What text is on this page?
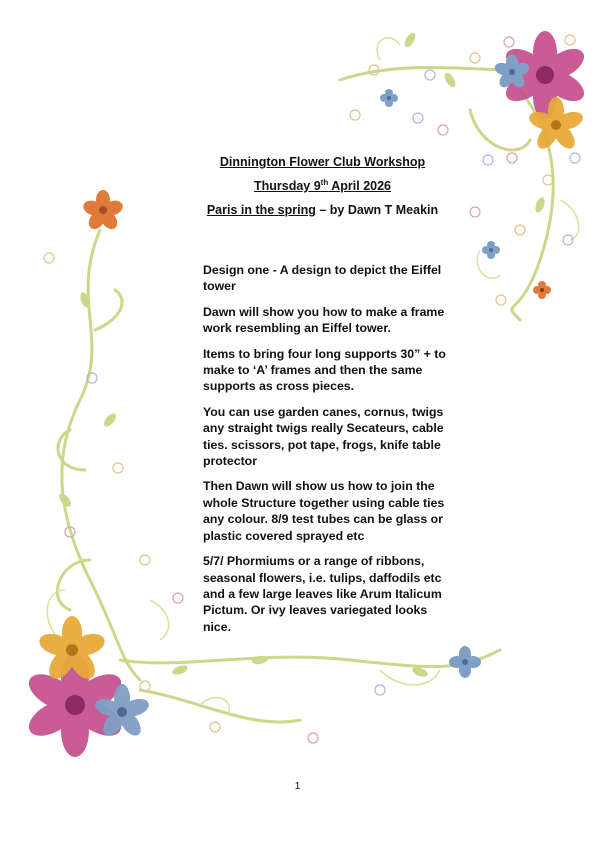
Dinnington Flower Club Workshop
Thursday 9th April 2026
Paris in the spring – by Dawn T Meakin

Design one - A design to depict the Eiffel tower

Dawn will show you how to make a frame work resembling an Eiffel tower.

Items to bring four long supports 30” + to make to ‘A’ frames and then the same supports as cross pieces.

You can use garden canes, cornus, twigs any straight twigs really Secateurs, cable ties. scissors, pot tape, frogs, knife table protector

Then Dawn will show us how to join the whole Structure together using cable ties any colour. 8/9 test tubes can be glass or plastic covered sprayed etc

5/7/ Phormiums or a range of ribbons, seasonal flowers, i.e. tulips, daffodils etc and a few large leaves like Arum Italicum Pictum. Or ivy leaves variegated looks nice.

1
